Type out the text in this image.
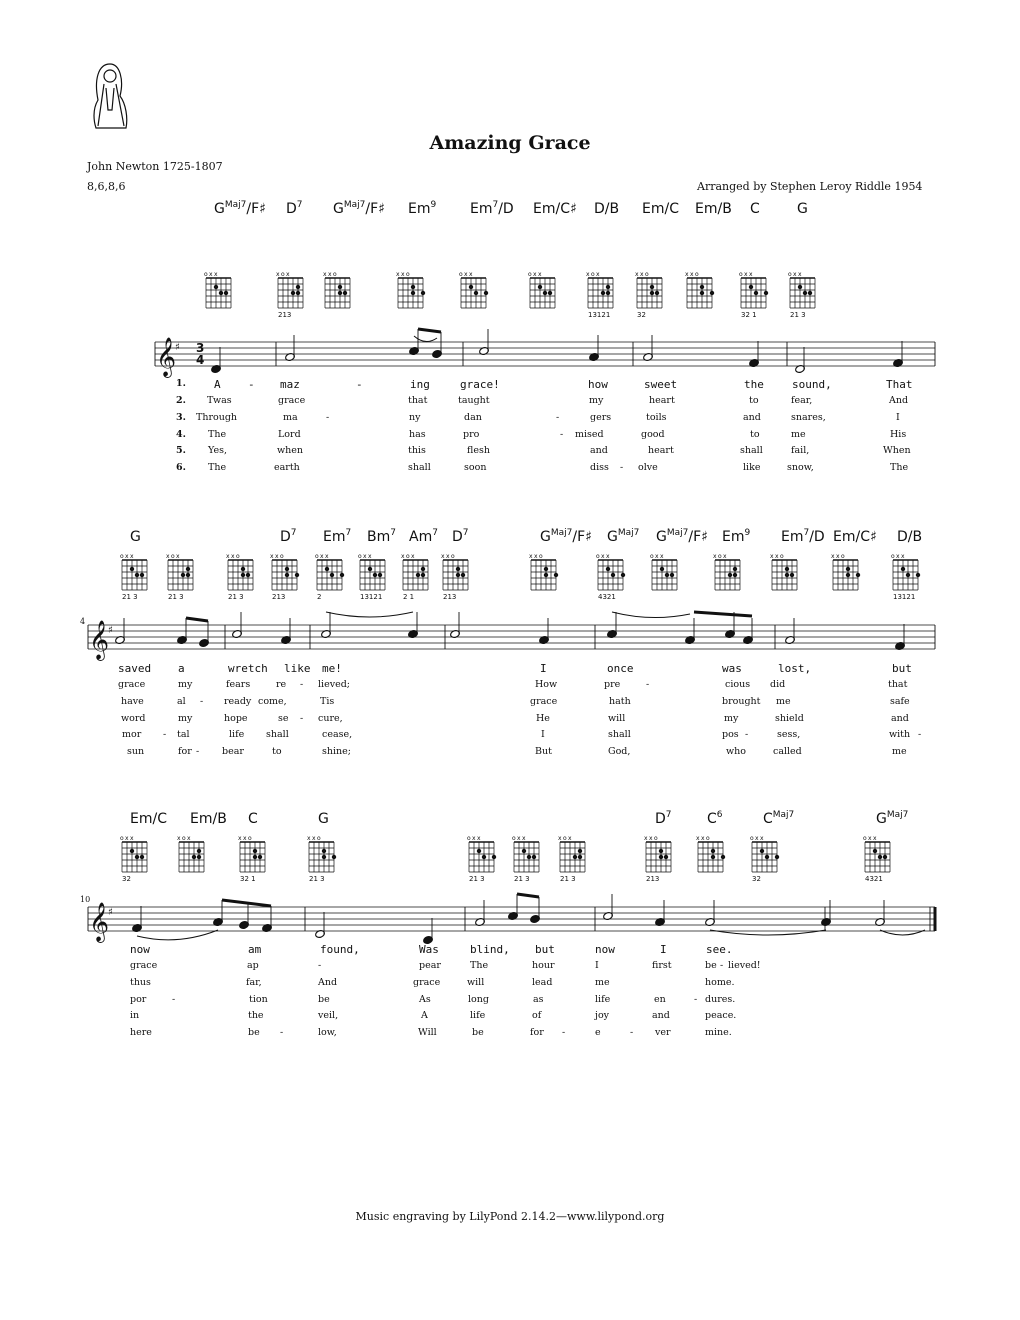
Amazing Grace
John Newton 1725-1807
8,6,8,6	Arranged by Stephen Leroy Riddle 1954
4
10
o x x	x o x	x x o	x x o	o x x	o x x	x o x	x x o	x x o	o x x	o x x
o x x	x o x	x x o	x x o	o x x	o x x	x o x	x x o	x x o	o x x	o x x	x o x	x x o	x x o	o x x
o x x	x o x	x x o	x x o	o x x	o x x	x o x	x x o	x x o	o x x	o x x
𝄞
♯
𝄞
♯
𝄞
♯
3
4
$G^{Maj7}/F♯$ $D^7$
213
$G^{Maj7}/F♯$ Em$^9$ Em$^7$/D Em/C♯ D/B
13121
Em/C
32
Em/B C
32 1
G
21 3
G
21 3	21 3	21 3
$D^7$
213
Em$^7$
2
Bm$^7$
13121
Am$^7$
2 1
$D^7$
213
$G^{Maj7}/F♯$ $G^{Maj7}$
4321
$G^{Maj7}/F♯$ Em$^9$ Em$^7$/D Em/C♯ D/B
13121
Em/C
32
Em/B C
32 1
G
21 3	21 3	21 3	21 3
$D^7$
213
$C^6$	$C^{Maj7}$
32
$G^{Maj7}$
4321
1.	A - maz	-	ing	grace!	how	sweet	the	sound,	That
2. Twas	grace	that	taught	my	heart	to	fear,	And
3. Through	ma	-	ny	dan	-	gers	toils	and	snares,	I
4. The	Lord	has	pro	- mised	good	to	me	His
5. Yes,	when	this	flesh	and	heart	shall	fail,	When
6. The	earth	shall	soon	diss - olve	like	snow,	The
saved a	wretch like me!	I	once	was	lost,	but
grace	my	fears	re - lieved;	How	pre	-	cious did	that
have	al - ready come,	Tis	grace	hath	brought me	safe
word	my	hope	se - cure,	He	will	my	shield	and
mor - tal	life shall	cease,	I	shall	pos -	sess,	with -
sun	for - bear	to	shine;	But	God,	who	called	me
now	am	found,	Was	blind, but	now	I	see.
grace	ap	-	pear	The	hour	I	first	be - lieved!
thus	far,	And	grace	will	lead	me	home.
por	-	tion	be	As	long	as	life	en	- dures.
in	the	veil,	A	life	of	joy	and	peace.
here	be -	low,	Will	be	for -	e	- ver	mine.
Music engraving by LilyPond 2.14.2—www.lilypond.org
